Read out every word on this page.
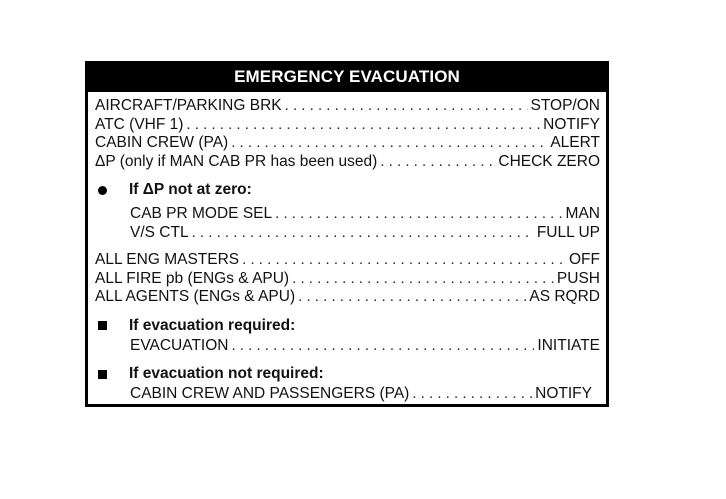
EMERGENCY EVACUATION
AIRCRAFT/PARKING BRK . . .	STOP/ON
ATC (VHF 1) . . .	NOTIFY
CABIN CREW (PA) . . .	ALERT
ΔP (only if MAN CAB PR has been used) . . .	CHECK ZERO
If ΔP not at zero:
CAB PR MODE SEL . . .	MAN
V/S CTL . . .	FULL UP
ALL ENG MASTERS . . .	OFF
ALL FIRE pb (ENGs & APU) . . .	PUSH
ALL AGENTS (ENGs & APU) . . .	AS RQRD
If evacuation required:
EVACUATION . . .	INITIATE
If evacuation not required:
CABIN CREW AND PASSENGERS (PA) . . .	NOTIFY
